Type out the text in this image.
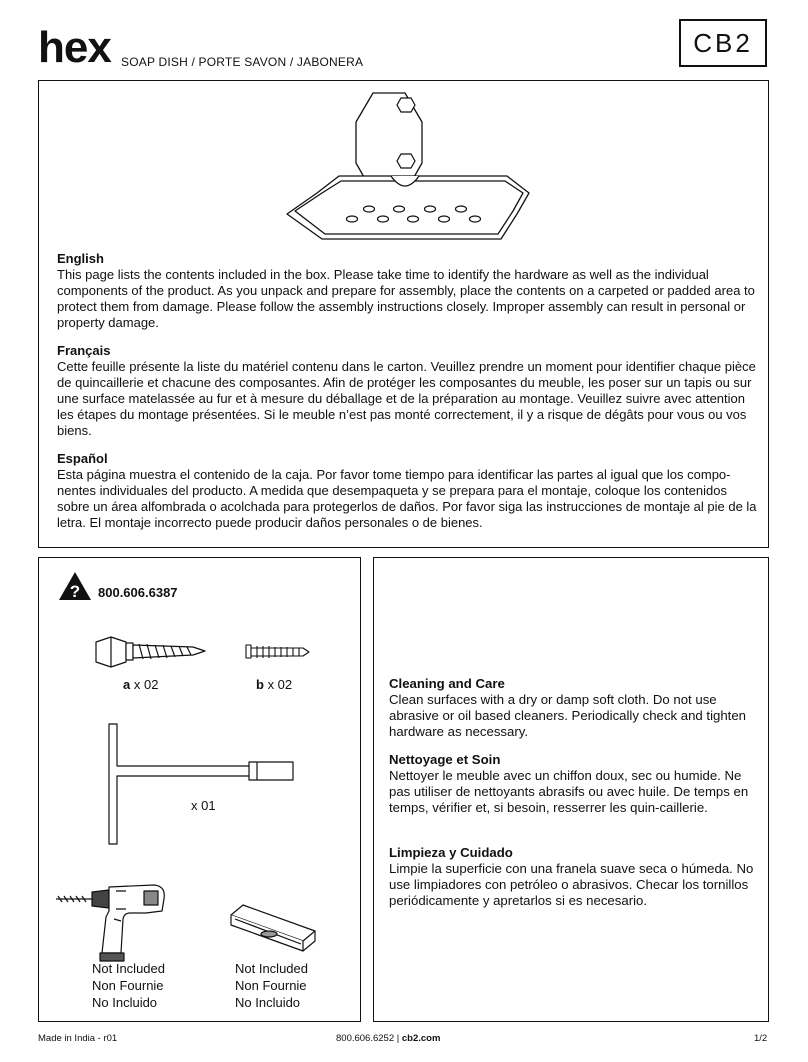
hex SOAP DISH / PORTE SAVON / JABONERA
CB2
English

This page lists the contents included in the box. Please take time to identify the hardware as well as the individual components of the product. As you unpack and prepare for assembly, place the contents on a carpeted or padded area to protect them from damage. Please follow the assembly instructions closely. Improper assembly can result in personal or property damage.

Français

Cette feuille présente la liste du matériel contenu dans le carton. Veuillez prendre un moment pour identifier chaque pièce de quincaillerie et chacune des composantes. Afin de protéger les composantes du meuble, les poser sur un tapis ou sur une surface matelassée au fur et à mesure du déballage et de la préparation au montage. Veuillez suivre avec attention les étapes du montage présentées. Si le meuble n’est pas monté correctement, il y a risque de dégâts pour vous ou vos biens.

Español

Esta página muestra el contenido de la caja. Por favor tome tiempo para identificar las partes al igual que los compo-nentes individuales del producto. A medida que desempaqueta y se prepara para el montaje, coloque los contenidos sobre un área alfombrada o acolchada para protegerlos de daños. Por favor siga las instrucciones de montaje al pie de la letra. El montaje incorrecto puede producir daños personales o de bienes.

? 800.606.6387
a x 02	b x 02
x 01
Not Included
Non Fournie
No Incluido
Not Included
Non Fournie
No Incluido
Cleaning and Care

Clean surfaces with a dry or damp soft cloth. Do not use abrasive or oil based cleaners. Periodically check and tighten hardware as necessary.

Nettoyage et Soin

Nettoyer le meuble avec un chiffon doux, sec ou humide. Ne pas utiliser de nettoyants abrasifs ou avec huile. De temps en temps, vérifier et, si besoin, resserrer les quin-caillerie.

Limpieza y Cuidado

Limpie la superficie con una franela suave seca o húmeda. No use limpiadores con petróleo o abrasivos. Checar los tornillos periódicamente y apretarlos si es necesario.

Made in India - r01	800.606.6252 | cb2.com	1/2
